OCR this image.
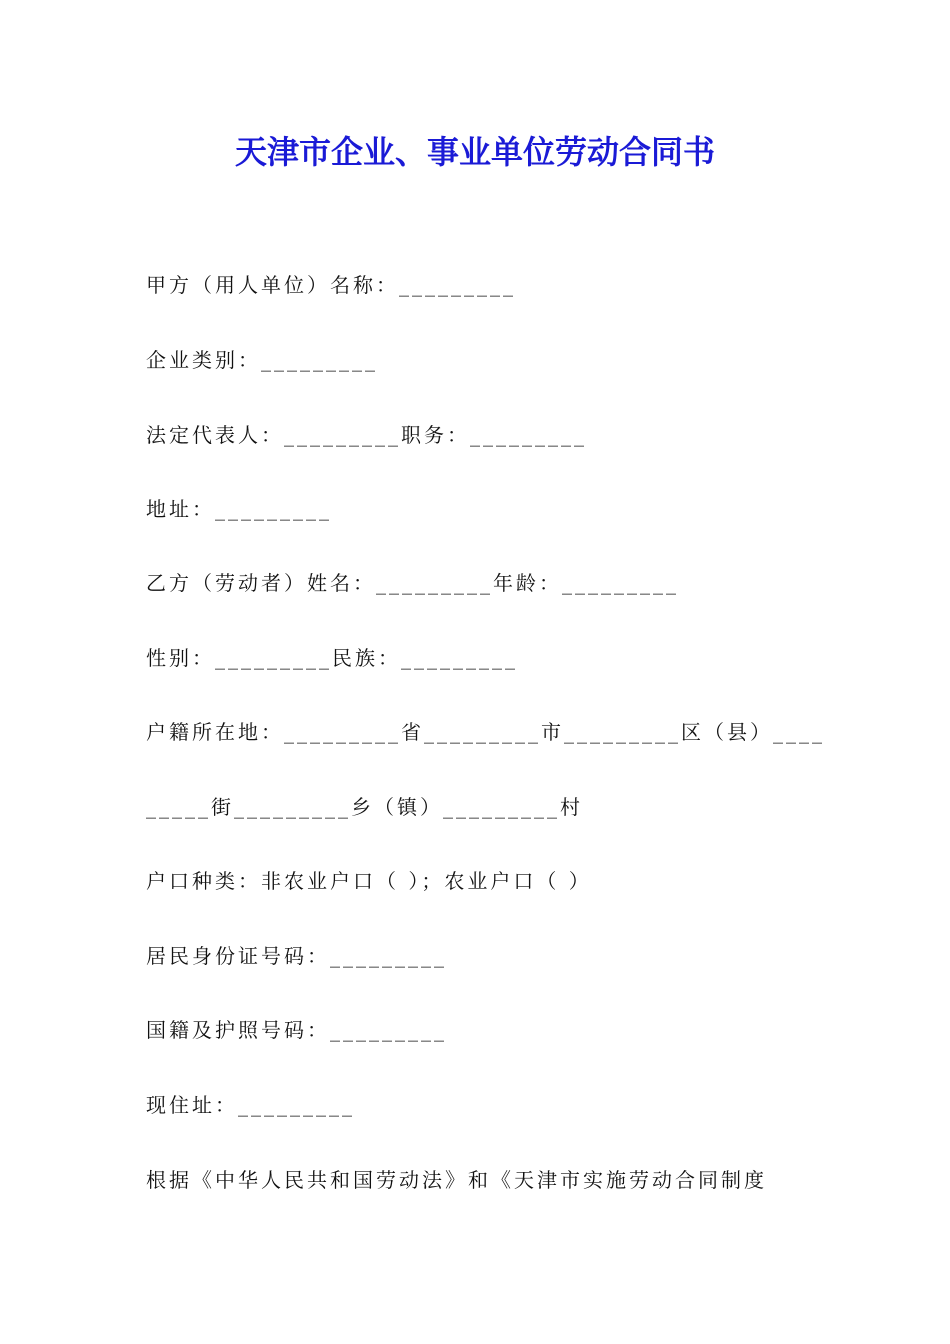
天津市企业、事业单位劳动合同书
甲方（用人单位）名称：_________
企业类别：_________
法定代表人：_________职务：_________
地址：_________
乙方（劳动者）姓名：_________年龄：_________
性别：_________民族：_________
户籍所在地：_________省_________市_________区（县）____
_____街_________乡（镇）_________村
户口种类：非农业户口（ ）；农业户口（ ）
居民身份证号码：_________
国籍及护照号码：_________
现住址：_________
根据《中华人民共和国劳动法》和《天津市实施劳动合同制度
